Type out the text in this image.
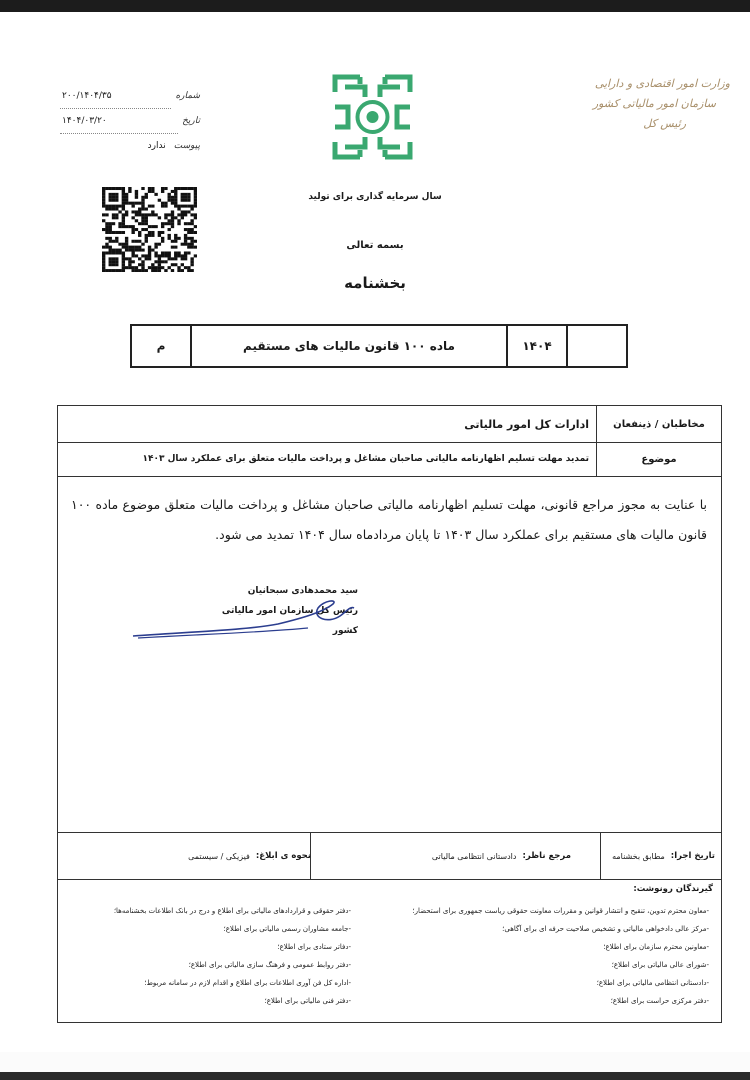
وزارت امور اقتصادی و دارایی
سازمان امور مالیاتی کشور
رئیس کل
شماره
۲۰۰/۱۴۰۴/۳۵
تاریخ
۱۴۰۴/۰۳/۲۰
پیوست
ندارد
سال سرمایه گذاری برای تولید
بسمه تعالی
بخشنامه
	۱۴۰۴	ماده ۱۰۰ قانون مالیات های مستقیم	م
مخاطبان / ذینفعان
ادارات کل امور مالیاتی
موضوع
تمدید مهلت تسلیم اظهارنامه مالیاتی صاحبان مشاغل و پرداخت مالیات متعلق برای عملکرد سال ۱۴۰۳
با عنایت به مجوز مراجع قانونی، مهلت تسلیم اظهارنامه مالیاتی صاحبان مشاغل و پرداخت مالیات متعلق موضوع ماده ۱۰۰ قانون مالیات های مستقیم برای عملکرد سال ۱۴۰۳ تا پایان مردادماه سال ۱۴۰۴ تمدید می شود.
سید محمدهادی سبحانیان
رئیس کل سازمان امور مالیاتی کشور
تاریخ اجرا:
مطابق بخشنامه
مرجع ناظر:
دادستانی انتظامی مالیاتی
نحوه ی ابلاغ:
فیزیکی / سیستمی
گیرندگان رونوشت:
-معاون محترم تدوین، تنقیح و انتشار قوانین و مقررات معاونت حقوقی ریاست جمهوری برای استحضار؛
-مرکز عالی دادخواهی مالیاتی و تشخیص صلاحیت حرفه ای برای آگاهی؛
-معاونین محترم سازمان برای اطلاع؛
-شورای عالی مالیاتی برای اطلاع؛
-دادستانی انتظامی مالیاتی برای اطلاع؛
-دفتر مرکزی حراست برای اطلاع؛
-دفتر حقوقی و قراردادهای مالیاتی برای اطلاع و درج در بانک اطلاعات بخشنامه‌ها؛
-جامعه مشاوران رسمی مالیاتی برای اطلاع؛
-دفاتر ستادی برای اطلاع؛
-دفتر روابط عمومی و فرهنگ سازی مالیاتی برای اطلاع؛
-اداره کل فن آوری اطلاعات برای اطلاع و اقدام لازم در سامانه مربوط؛
-دفتر فنی مالیاتی برای اطلاع؛
